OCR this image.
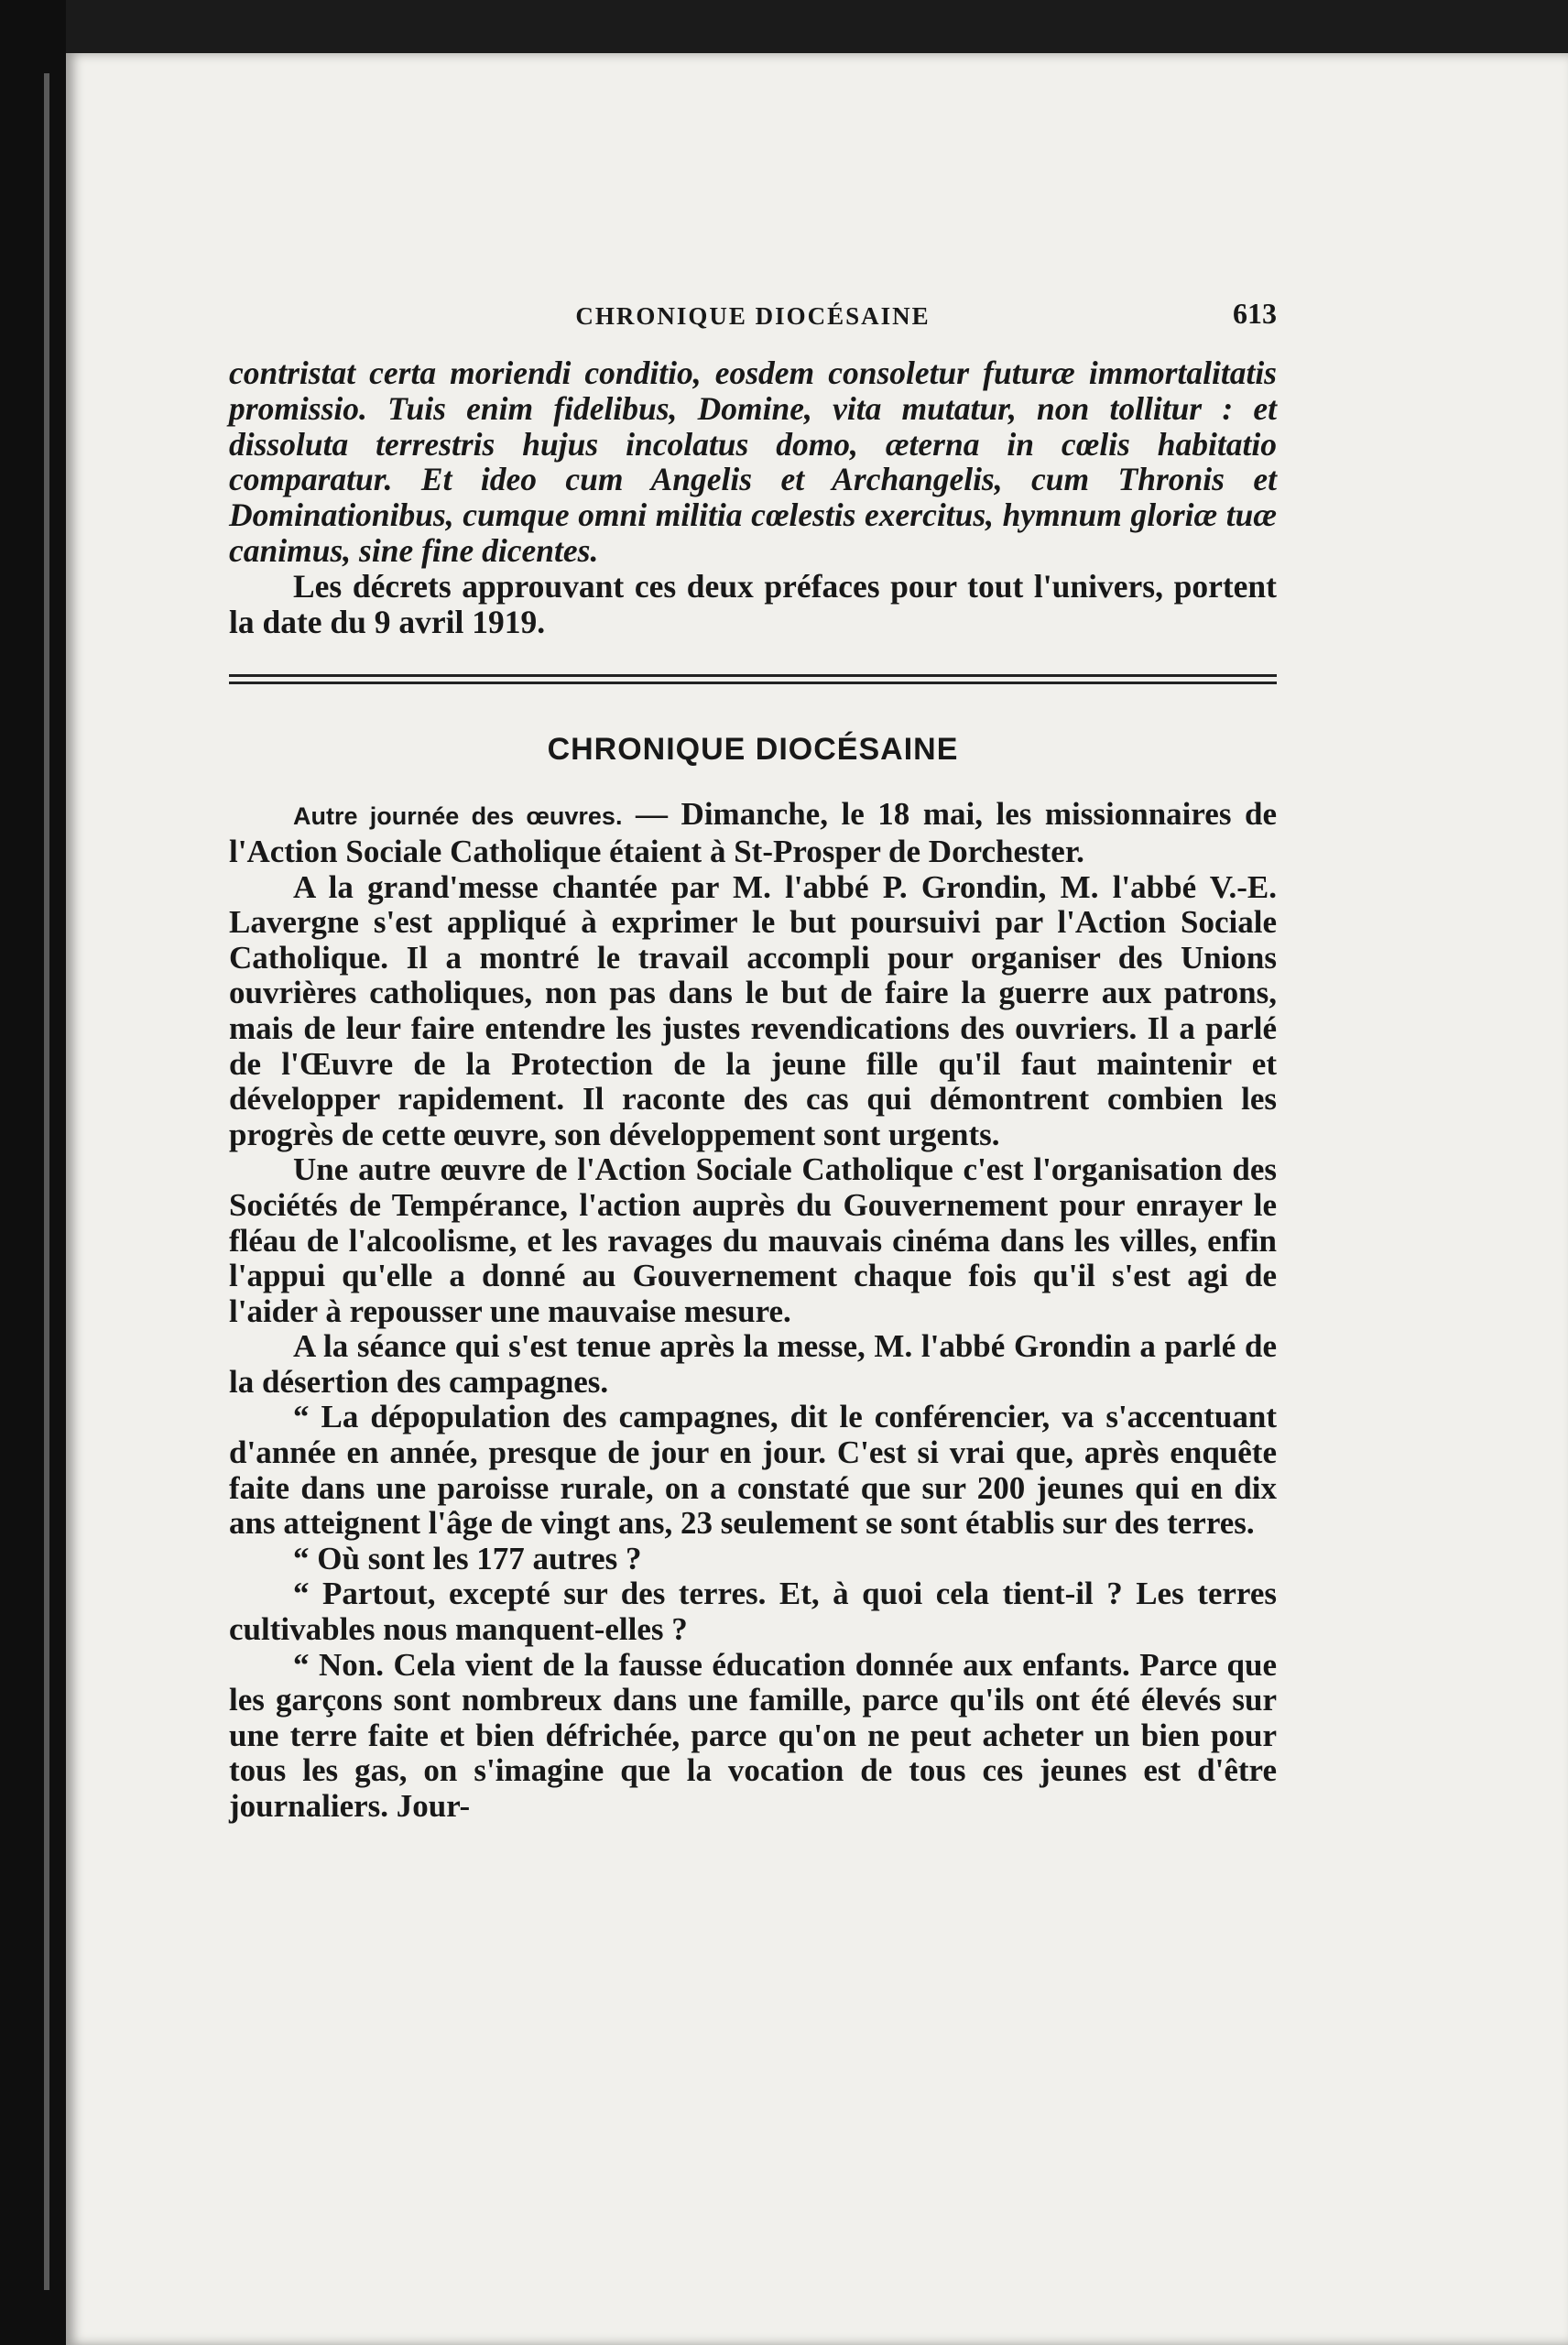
CHRONIQUE DIOCÉSAINE	613

contristat certa moriendi conditio, eosdem consoletur futuræ immortalitatis promissio. Tuis enim fidelibus, Domine, vita mutatur, non tollitur : et dissoluta terrestris hujus incolatus domo, æterna in cœlis habitatio comparatur. Et ideo cum Angelis et Archangelis, cum Thronis et Dominationibus, cumque omni militia cœlestis exercitus, hymnum gloriæ tuæ canimus, sine fine dicentes.

Les décrets approuvant ces deux préfaces pour tout l'univers, portent la date du 9 avril 1919.

CHRONIQUE DIOCÉSAINE

Autre journée des œuvres. — Dimanche, le 18 mai, les missionnaires de l'Action Sociale Catholique étaient à St-Prosper de Dorchester.

A la grand'messe chantée par M. l'abbé P. Grondin, M. l'abbé V.-E. Lavergne s'est appliqué à exprimer le but poursuivi par l'Action Sociale Catholique. Il a montré le travail accompli pour organiser des Unions ouvrières catholiques, non pas dans le but de faire la guerre aux patrons, mais de leur faire entendre les justes revendications des ouvriers. Il a parlé de l'Œuvre de la Protection de la jeune fille qu'il faut maintenir et développer rapidement. Il raconte des cas qui démontrent combien les progrès de cette œuvre, son développement sont urgents.

Une autre œuvre de l'Action Sociale Catholique c'est l'organisation des Sociétés de Tempérance, l'action auprès du Gouvernement pour enrayer le fléau de l'alcoolisme, et les ravages du mauvais cinéma dans les villes, enfin l'appui qu'elle a donné au Gouvernement chaque fois qu'il s'est agi de l'aider à repousser une mauvaise mesure.

A la séance qui s'est tenue après la messe, M. l'abbé Grondin a parlé de la désertion des campagnes.

“ La dépopulation des campagnes, dit le conférencier, va s'accentuant d'année en année, presque de jour en jour. C'est si vrai que, après enquête faite dans une paroisse rurale, on a constaté que sur 200 jeunes qui en dix ans atteignent l'âge de vingt ans, 23 seulement se sont établis sur des terres.

“ Où sont les 177 autres ?

“ Partout, excepté sur des terres. Et, à quoi cela tient-il ? Les terres cultivables nous manquent-elles ?

“ Non. Cela vient de la fausse éducation donnée aux enfants. Parce que les garçons sont nombreux dans une famille, parce qu'ils ont été élevés sur une terre faite et bien défrichée, parce qu'on ne peut acheter un bien pour tous les gas, on s'imagine que la vocation de tous ces jeunes est d'être journaliers. Jour-
